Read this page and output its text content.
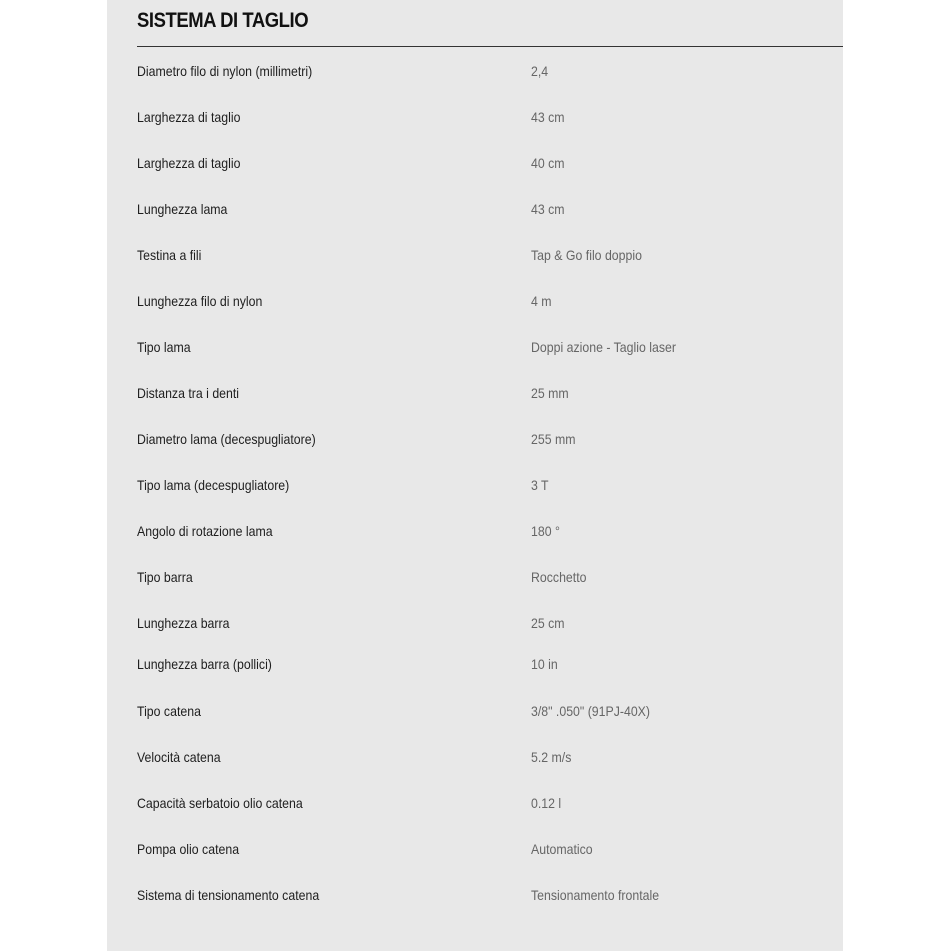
SISTEMA DI TAGLIO
Diametro filo di nylon (millimetri)	2,4
Larghezza di taglio	43 cm
Larghezza di taglio	40 cm
Lunghezza lama	43 cm
Testina a fili	Tap & Go filo doppio
Lunghezza filo di nylon	4 m
Tipo lama	Doppi azione - Taglio laser
Distanza tra i denti	25 mm
Diametro lama (decespugliatore)	255 mm
Tipo lama (decespugliatore)	3 T
Angolo di rotazione lama	180 °
Tipo barra	Rocchetto
Lunghezza barra	25 cm
Lunghezza barra (pollici)	10 in
Tipo catena	3/8" .050" (91PJ-40X)
Velocità catena	5.2 m/s
Capacità serbatoio olio catena	0.12 l
Pompa olio catena	Automatico
Sistema di tensionamento catena	Tensionamento frontale
